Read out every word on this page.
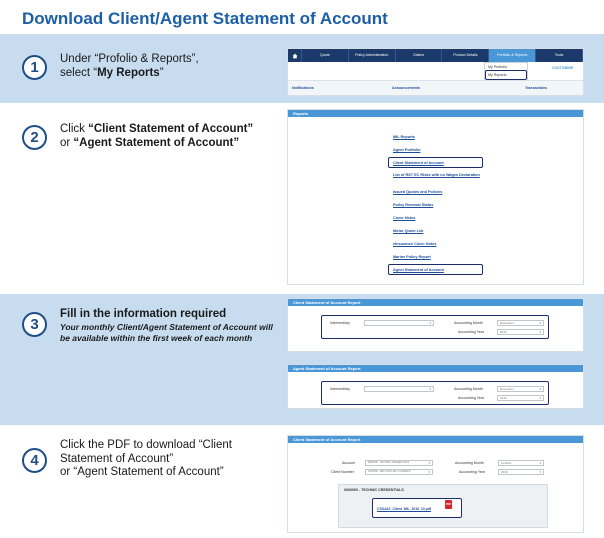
Download Client/Agent Statement of Account
1	Under “Profolio & Reports”,
select “My Reports”
Quote	Policy Administration	Claims	Product Details	Portfolio & Reports	Tools
My Portfolio
My Reports
CUSTOMISE
Notifications	Announcements	Transactions
2	Click “Client Statement of Account”
or “Agent Statement of Account”
Reports
MIL Reports
Agent Portfolio
Client Statement of Account
List of RST EC Risks with no Wages Declaration
Issued Quotes and Policies
Policy Renewal Status
Cover Notes
Motor Quote List
eInsurance Cover Notes
Marine Policy Report
Agent Statement of Account
3
Fill in the information required
Your monthly Client/Agent Statement of Account will be available within the first week of each month
Client Statement of Account Report
Intermediary	▾	Accounting Month	December	▾
Accounting Year	2016	▾
Agent Statement of Account Report
Intermediary	▾	Accounting Month	November	▾
Accounting Year	2016	▾
4
Click the PDF to download “Client
Statement of Account”
or “Agent Statement of Account”
Client Statement of Account Report
Account	6000000 - TECHNIC CREDENTIALS	▾
Client Number	0473056 - ABC OLD LADY COMPANY	▾
Accounting Month	October	▾
Accounting Year	2016	▾
6000000 - TECHNIC CREDENTIALS
CSOA10_Client_MIL_2016_10.pdf
PDF
